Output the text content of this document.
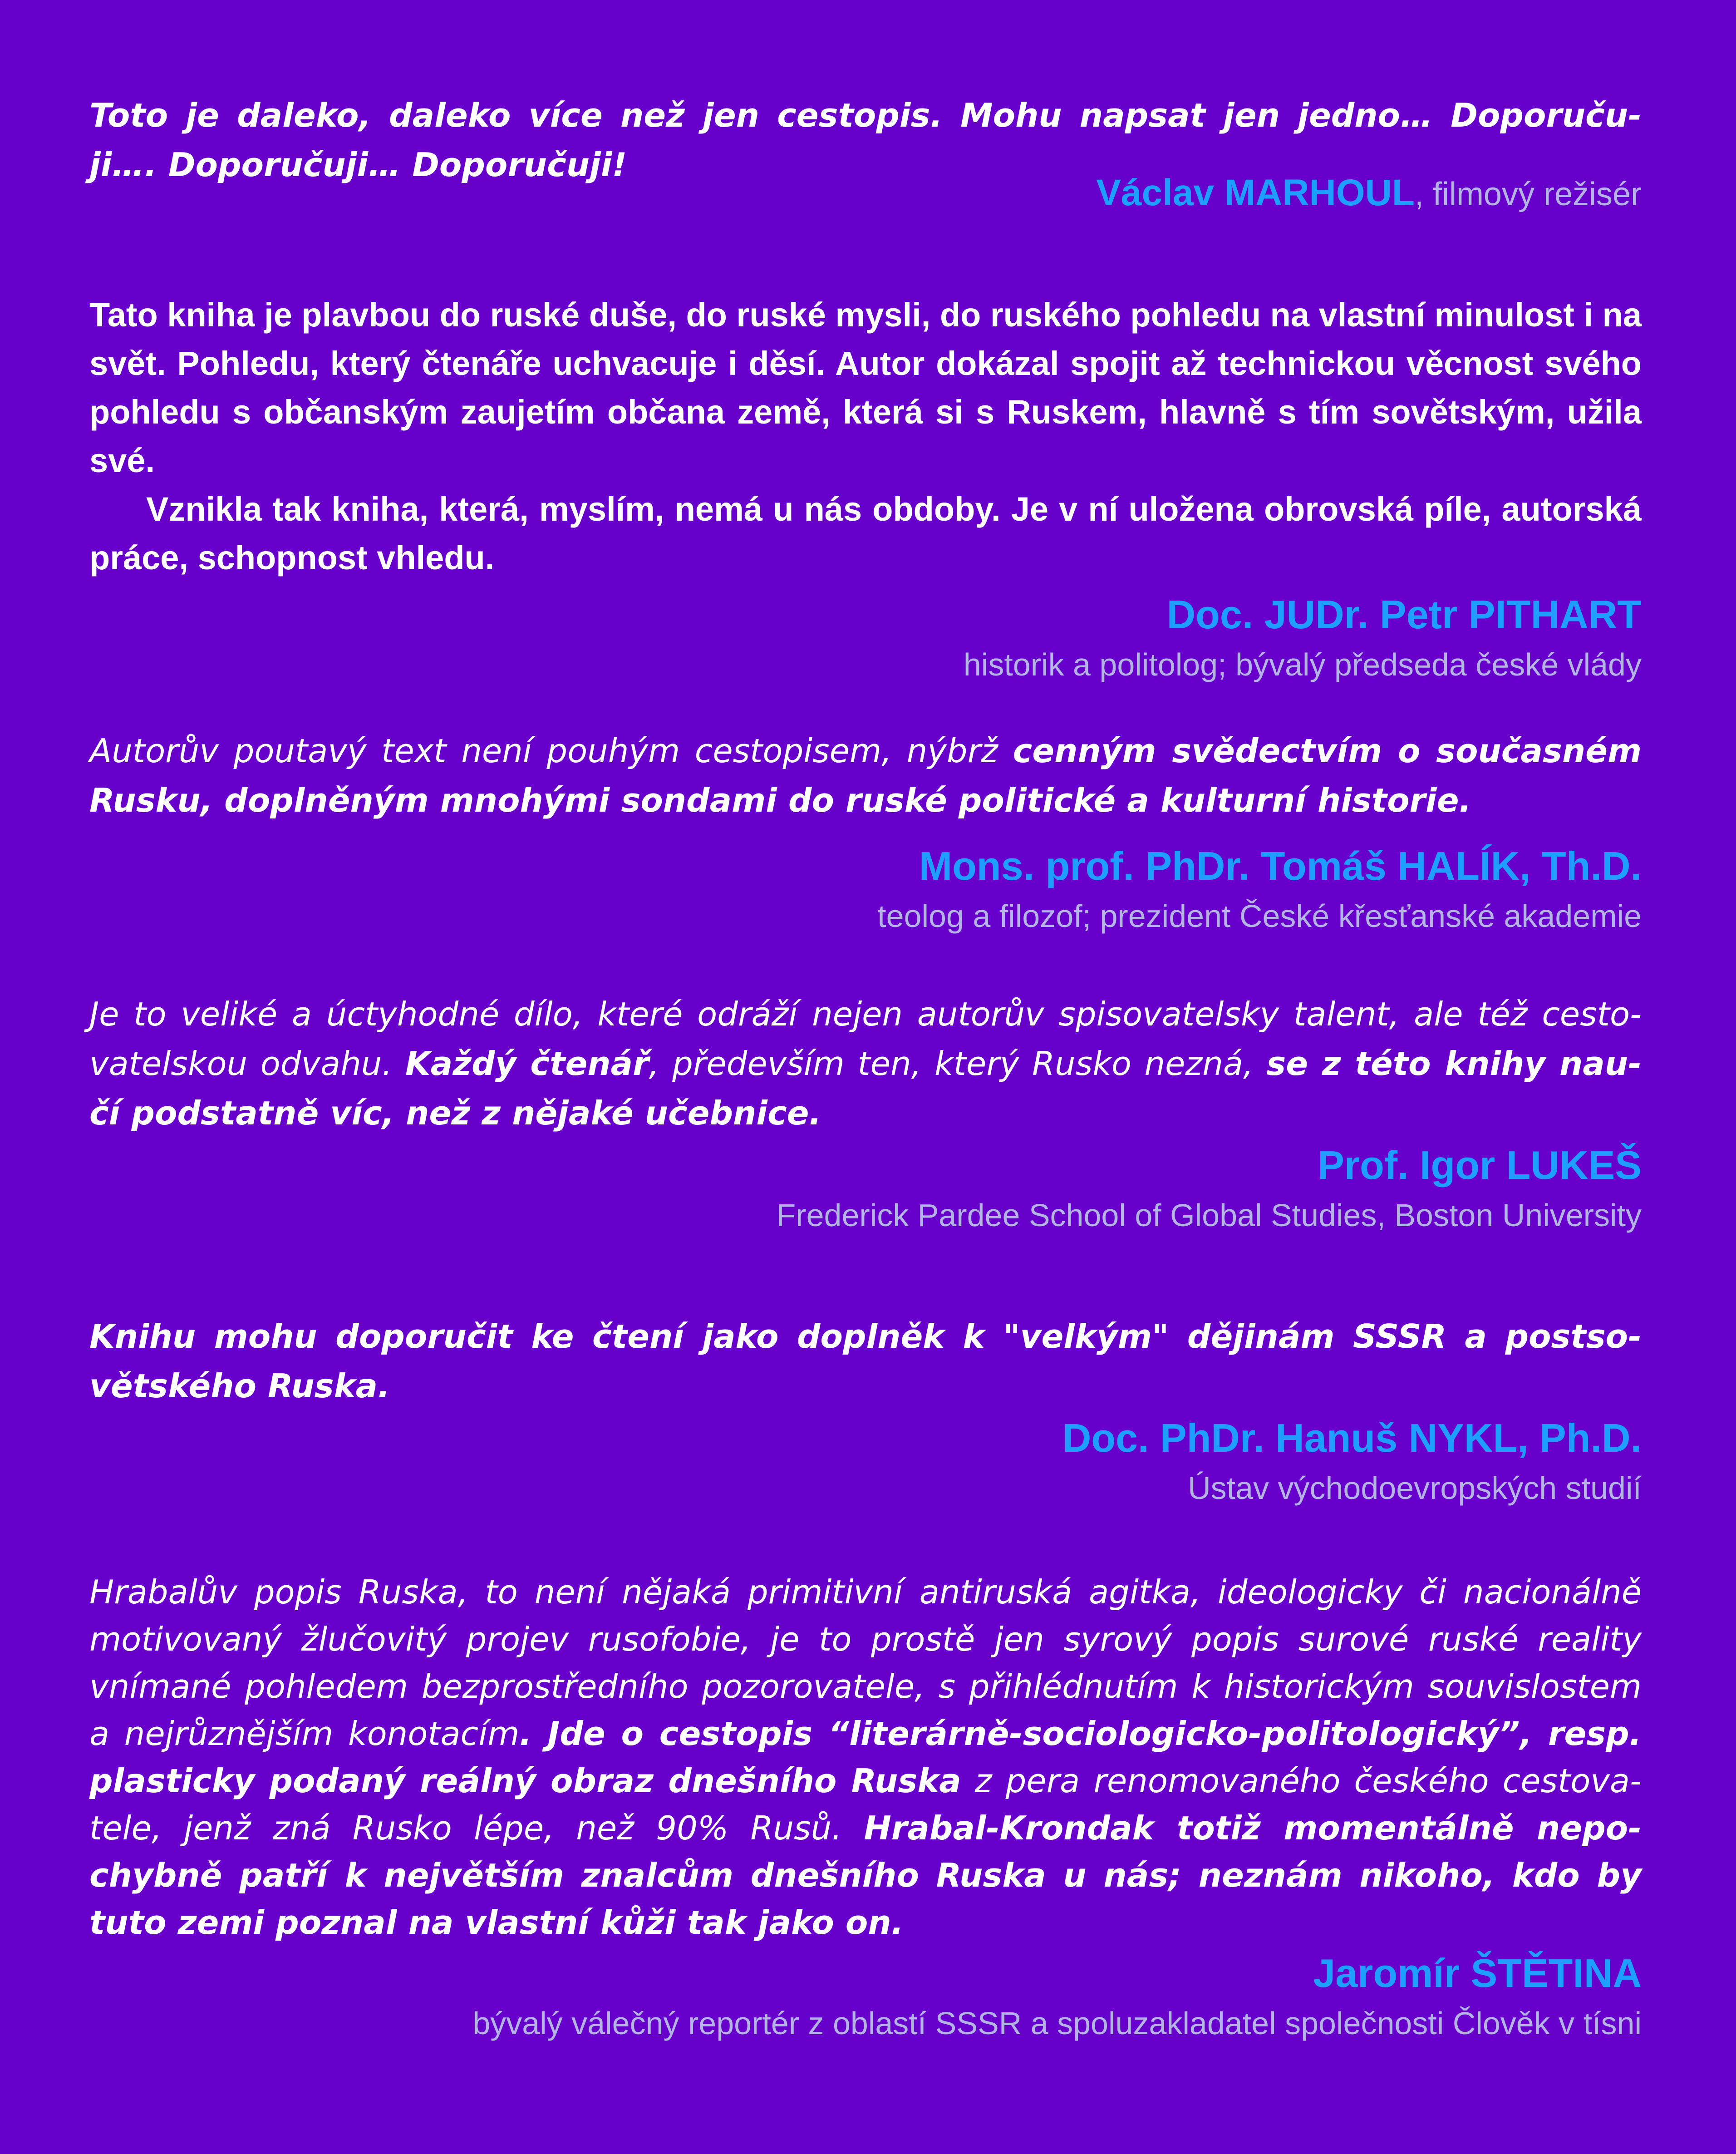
Toto je daleko, daleko více než jen cestopis. Mohu napsat jen jedno… Doporuču- ji…. Doporučuji… Doporučuji!

Václav MARHOUL, filmový režisér

Tato kniha je plavbou do ruské duše, do ruské mysli, do ruského pohledu na vlastní minulost i na svět. Pohledu, který čtenáře uchvacuje i děsí. Autor dokázal spojit až technickou věcnost svého pohledu s občanským zaujetím občana země, která si s Ruskem, hlavně s tím sovětským, užila své.

Vznikla tak kniha, která, myslím, nemá u nás obdoby. Je v ní uložena obrovská píle, autorská práce, schopnost vhledu.

Doc. JUDr. Petr PITHART

historik a politolog; bývalý předseda české vlády

Autorův poutavý text není pouhým cestopisem, nýbrž cenným svědectvím o současném Rusku, doplněným mnohými sondami do ruské politické a kulturní historie.

Mons. prof. PhDr. Tomáš HALÍK, Th.D.

teolog a filozof; prezident České křesťanské akademie

Je to veliké a úctyhodné dílo, které odráží nejen autorův spisovatelsky talent, ale též cesto- vatelskou odvahu. Každý čtenář, především ten, který Rusko nezná, se z této knihy nau- čí podstatně víc, než z nějaké učebnice.

Prof. Igor LUKEŠ

Frederick Pardee School of Global Studies, Boston University

Knihu mohu doporučit ke čtení jako doplněk k "velkým" dějinám SSSR a postso- větského Ruska.

Doc. PhDr. Hanuš NYKL, Ph.D.

Ústav východoevropských studií

Hrabalův popis Ruska, to není nějaká primitivní antiruská agitka, ideologicky či nacionálně motivovaný žlučovitý projev rusofobie, je to prostě jen syrový popis surové ruské reality vnímané pohledem bezprostředního pozorovatele, s přihlédnutím k historickým souvislostem a nejrůznějším konotacím. Jde o cestopis “literárně-sociologicko-politologický”, resp. plasticky podaný reálný obraz dnešního Ruska z pera renomovaného českého cestova- tele, jenž zná Rusko lépe, než 90% Rusů. Hrabal-Krondak totiž momentálně nepo- chybně patří k největším znalcům dnešního Ruska u nás; neznám nikoho, kdo by tuto zemi poznal na vlastní kůži tak jako on.

Jaromír ŠTĚTINA

bývalý válečný reportér z oblastí SSSR a spoluzakladatel společnosti Člověk v tísni
